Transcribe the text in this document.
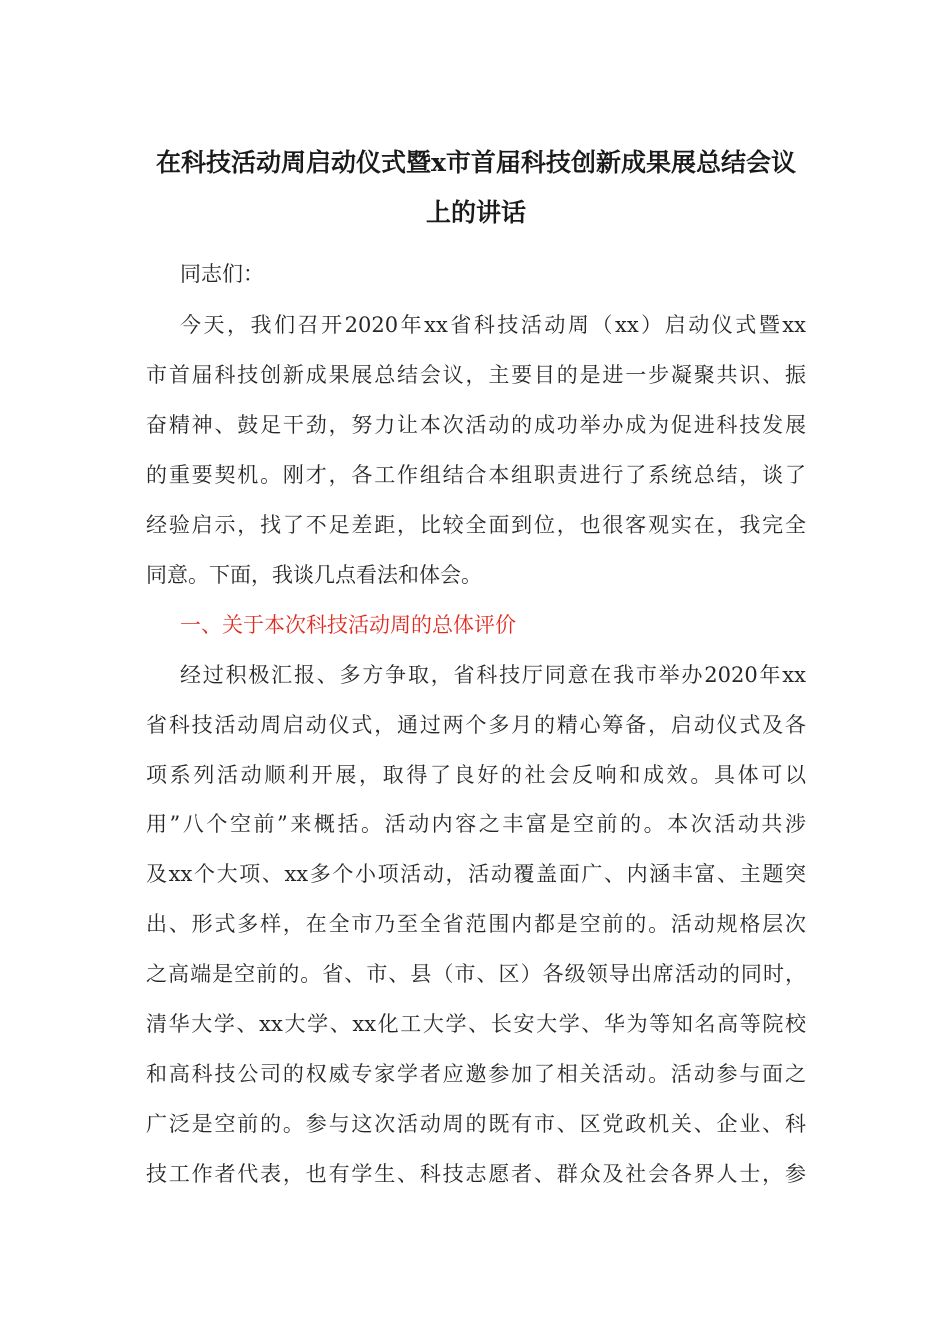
在科技活动周启动仪式暨x市首届科技创新成果展总结会议
上的讲话
同志们：
今天，我们召开2020年xx省科技活动周（xx）启动仪式暨xx
市首届科技创新成果展总结会议，主要目的是进一步凝聚共识、振
奋精神、鼓足干劲，努力让本次活动的成功举办成为促进科技发展
的重要契机。刚才，各工作组结合本组职责进行了系统总结，谈了
经验启示，找了不足差距，比较全面到位，也很客观实在，我完全
同意。下面，我谈几点看法和体会。
一、关于本次科技活动周的总体评价
经过积极汇报、多方争取，省科技厅同意在我市举办2020年xx
省科技活动周启动仪式，通过两个多月的精心筹备，启动仪式及各
项系列活动顺利开展，取得了良好的社会反响和成效。具体可以
用”八个空前”来概括。活动内容之丰富是空前的。本次活动共涉
及xx个大项、xx多个小项活动，活动覆盖面广、内涵丰富、主题突
出、形式多样，在全市乃至全省范围内都是空前的。活动规格层次
之高端是空前的。省、市、县（市、区）各级领导出席活动的同时，
清华大学、xx大学、xx化工大学、长安大学、华为等知名高等院校
和高科技公司的权威专家学者应邀参加了相关活动。活动参与面之
广泛是空前的。参与这次活动周的既有市、区党政机关、企业、科
技工作者代表，也有学生、科技志愿者、群众及社会各界人士，参
